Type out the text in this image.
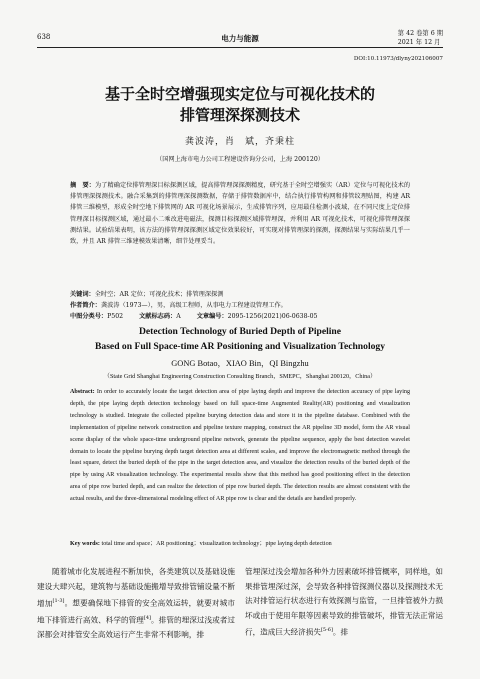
638	电力与能源
第 42 卷第 6 期
2021 年 12 月
DOI:10.11973/dlyny202106007
基于全时空增强现实定位与可视化技术的
排管理深探测技术
龚波涛，肖　斌，齐秉柱
（国网上海市电力公司工程建设咨询分公司，上海 200120）
摘　要：为了精确定位排管理深目标探测区域，提高排管理深探测精度，研究基于全时空增强实（AR）定位与可视化技术的排管理深探测技术。融合采集到的排管理深探测数据，存储于排管数据库中，结合执行排管构网和排管纹理贴图，构建 AR 排管三维模型，形成全时空地下排管网的 AR 可视化场景展示，生成排管序列，应用最佳检测小波域，在不同尺度上定位排管理深目标探测区域，通过最小二乘改进电磁法，探测目标探测区域排管埋深，并利用 AR 可视化技术，可视化排管理深探测结果。试验结果表明，该方法的排管理深探测区域定位效果较好，可实现对排管理深的探测，探测结果与实际结果几乎一致，并且 AR 排管三维建模效果清晰，细节处理妥当。
关键词：全时空；AR 定位；可视化技术；排管理深探测
作者简介：龚波涛（1973—），男，高级工程师，从事电力工程建设管理工作。
中图分类号：P502	文献标志码：A	文章编号：2095-1256(2021)06-0638-05
Detection Technology of Buried Depth of Pipeline
Based on Full Space-time AR Positioning and Visualization Technology
GONG Botao，XIAO Bin，QI Bingzhu
（State Grid Shanghai Engineering Construction Consulting Branch，SMEPC，Shanghai 200120，China）
Abstract: In order to accurately locate the target detection area of pipe laying depth and improve the detection accuracy of pipe laying depth, the pipe laying depth detection technology based on full space-time Augmented Reality(AR) positioning and visualization technology is studied. Integrate the collected pipeline burying detection data and store it in the pipeline database. Combined with the implementation of pipeline network construction and pipeline texture mapping, construct the AR pipeline 3D model, form the AR visual scene display of the whole space-time underground pipeline network, generate the pipeline sequence, apply the best detection wavelet domain to locate the pipeline burying depth target detection area at different scales, and improve the electromagnetic method through the least square, detect the buried depth of the pipe in the target detection area, and visualize the detection results of the buried depth of the pipe by using AR visualization technology. The experimental results show that this method has good positioning effect in the detection area of pipe row buried depth, and can realize the detection of pipe row buried depth. The detection results are almost consistent with the actual results, and the three-dimensional modeling effect of AR pipe row is clear and the details are handled properly.
Key words: total time and space；AR positioning；visualization technology；pipe laying depth detection
随着城市化发展进程不断加快，各类建筑以及基础设施建设大肆兴起，建筑物与基础设施搬增导致排管铺设量不断增加[1-3]。想要确保地下排管的安全高效运转，就要对城市地下排管进行高效、科学的管理[4]。排管的埋深过浅或者过深都会对排管安全高效运行产生非常不利影响，排
管埋深过浅会增加各种外力因素破坏排管概率，同样地，如果排管埋深过深，会导致各种排管探测仪器以及探测技术无法对排管运行状态进行有效探测与监管，一旦排管被外力损坏或由于使用年限等因素导致的排管破坏，排管无法正常运行，造成巨大经济损失[5-6]。排
